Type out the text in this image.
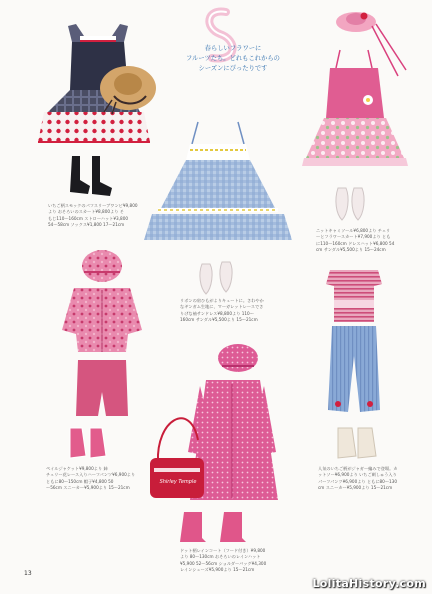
春らしいフラワーに
フルーツたち。どれもこれからの
シーズンにぴったりです
いちご柄スモックのパフスリーブワンピ¥9,800
より おそろいのスカート¥8,800より そ
もじ110〜160cm ストローハット¥3,800
54〜58cm ソックス¥1,800 17〜21cm
ニットキャミソール¥6,800より チェリ
ーとフラワースカート¥7,900より とも
に110〜160cm ドレスハット¥6,800 54
cm サンダル¥5,500より 15〜24cm
リボンの肩ひもがよりキュートに。さわやか
なギンガム生地に、マーガレットレースでさ
りげな袖サンドレス¥8,800より 110〜
160cm サンダル¥5,500より 15〜21cm
ペイルジャケット¥9,800より 姉
チェリー花レース入りハーフパンツ¥6,900より
ともに80〜150cm 帽子¥4,800 50
〜56cm スニーカー¥5,900より 15〜21cm
人気のいちご柄がジャガー編みで登場。カ
ットソー¥6,900より いちご刺しゅう入り
パーフパンツ¥6,900より ともに80〜130
cm スニーカー¥5,900より 15〜21cm
ドット柄レインコート（フード付き）¥9,800
より 80〜130cm おそろいのレインハット
¥5,900 52〜56cm ショルダーバッグ¥4,300
レインシューズ¥5,900より 15〜21cm
Shirley Temple
13
LolitaHistory.com
